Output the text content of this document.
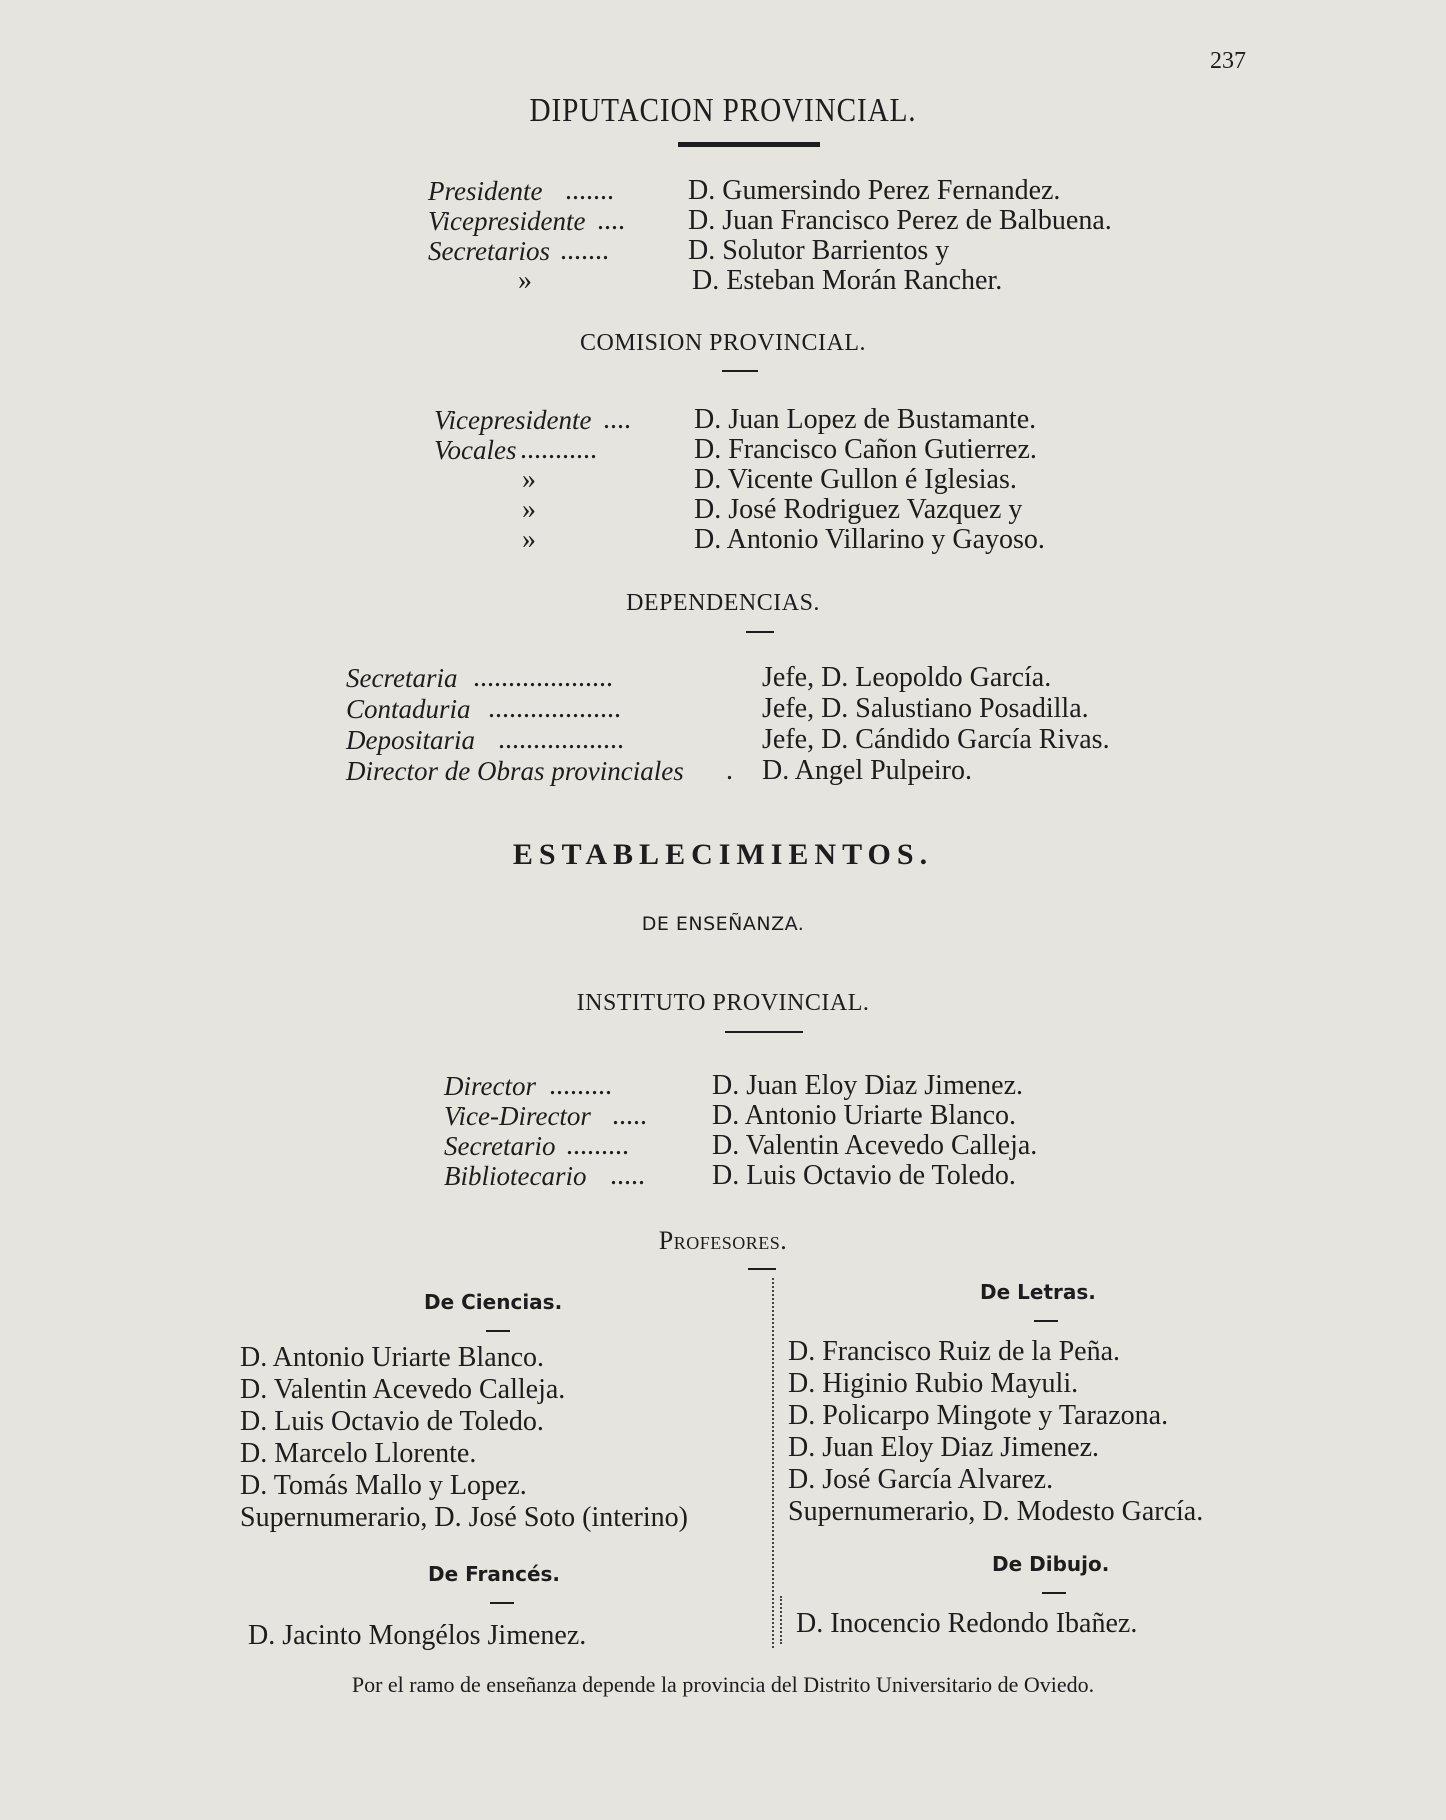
237
DIPUTACION PROVINCIAL.
Presidente .......	D. Gumersindo Perez Fernandez.
Vicepresidente .... D. Juan Francisco Perez de Balbuena.
Secretarios .......	D. Solutor Barrientos y
»	D. Esteban Morán Rancher.
COMISION PROVINCIAL.
Vicepresidente .... D. Juan Lopez de Bustamante.
Vocales ...........	D. Francisco Cañon Gutierrez.
»	D. Vicente Gullon é Iglesias.
»	D. José Rodriguez Vazquez y
»	D. Antonio Villarino y Gayoso.
DEPENDENCIAS.
Secretaria ....................	Jefe, D. Leopoldo García.
Contaduria ...................	Jefe, D. Salustiano Posadilla.
Depositaria ..................	Jefe, D. Cándido García Rivas.
Director de Obras provinciales . D. Angel Pulpeiro.
ESTABLECIMIENTOS.
DE ENSEÑANZA.
INSTITUTO PROVINCIAL.
Director .........	D. Juan Eloy Diaz Jimenez.
Vice-Director ..... D. Antonio Uriarte Blanco.
Secretario .........	D. Valentin Acevedo Calleja.
Bibliotecario ..... D. Luis Octavio de Toledo.
Profesores.
De Ciencias.
D. Antonio Uriarte Blanco.
D. Valentin Acevedo Calleja.
D. Luis Octavio de Toledo.
D. Marcelo Llorente.
D. Tomás Mallo y Lopez.
Supernumerario, D. José Soto (interino)
De Letras.
D. Francisco Ruiz de la Peña.
D. Higinio Rubio Mayuli.
D. Policarpo Mingote y Tarazona.
D. Juan Eloy Diaz Jimenez.
D. José García Alvarez.
Supernumerario, D. Modesto García.
De Francés.
D. Jacinto Mongélos Jimenez.
De Dibujo.
D. Inocencio Redondo Ibañez.
Por el ramo de enseñanza depende la provincia del Distrito Universitario de Oviedo.
